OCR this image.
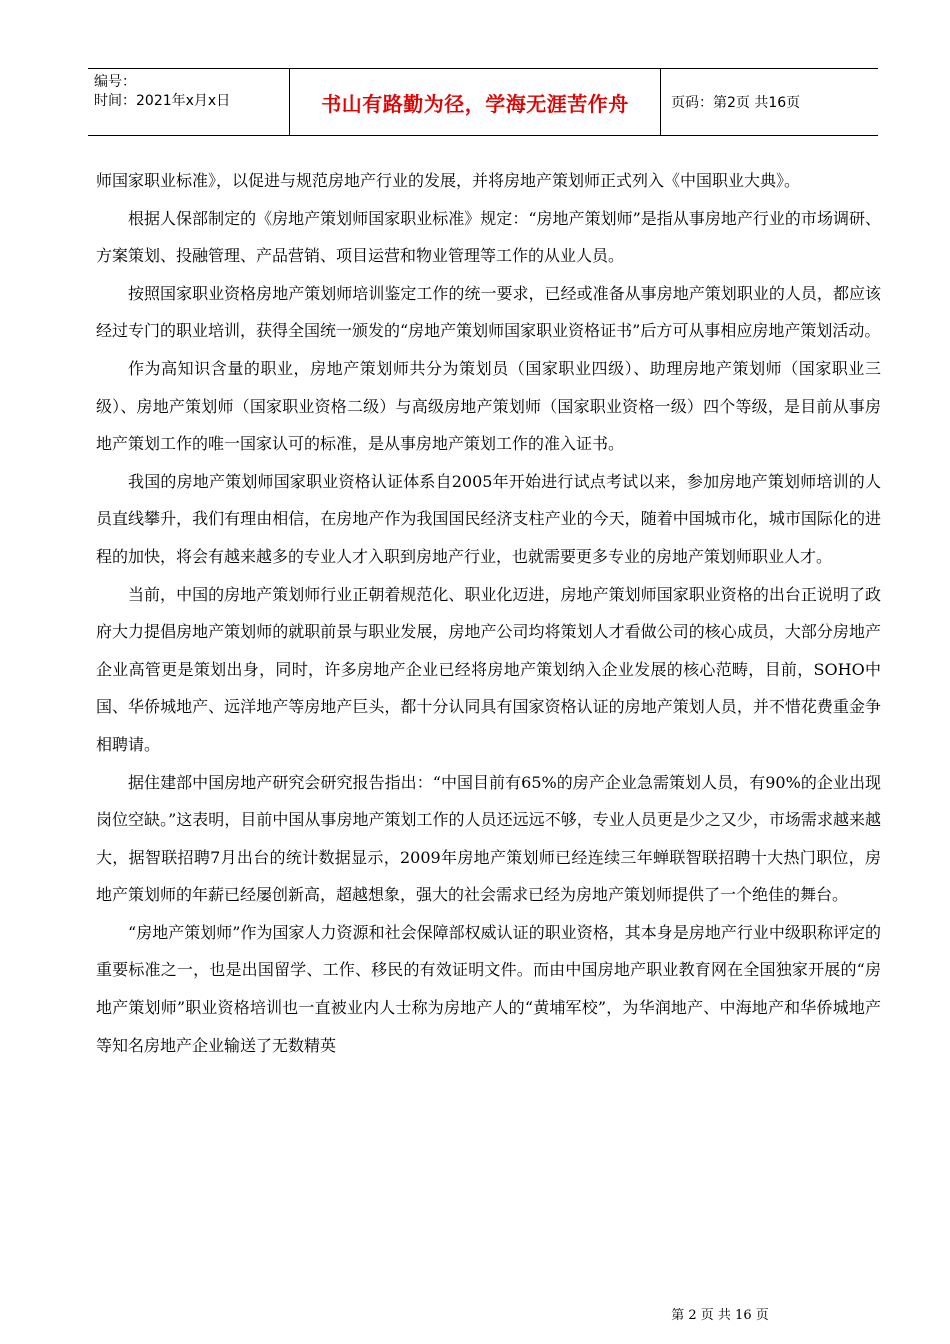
编号：
时间：2021年x月x日	书山有路勤为径，学海无涯苦作舟	页码：第2页 共16页

师国家职业标准》，以促进与规范房地产行业的发展，并将房地产策划师正式列入《中国职业大典》。

根据人保部制定的《房地产策划师国家职业标准》规定：“房地产策划师”是指从事房地产行业的市场调研、方案策划、投融管理、产品营销、项目运营和物业管理等工作的从业人员。

按照国家职业资格房地产策划师培训鉴定工作的统一要求，已经或准备从事房地产策划职业的人员，都应该经过专门的职业培训，获得全国统一颁发的“房地产策划师国家职业资格证书”后方可从事相应房地产策划活动。

作为高知识含量的职业，房地产策划师共分为策划员（国家职业四级）、助理房地产策划师（国家职业三级）、房地产策划师（国家职业资格二级）与高级房地产策划师（国家职业资格一级）四个等级，是目前从事房地产策划工作的唯一国家认可的标准，是从事房地产策划工作的准入证书。

我国的房地产策划师国家职业资格认证体系自2005年开始进行试点考试以来，参加房地产策划师培训的人员直线攀升，我们有理由相信，在房地产作为我国国民经济支柱产业的今天，随着中国城市化，城市国际化的进程的加快，将会有越来越多的专业人才入职到房地产行业，也就需要更多专业的房地产策划师职业人才。

当前，中国的房地产策划师行业正朝着规范化、职业化迈进，房地产策划师国家职业资格的出台正说明了政府大力提倡房地产策划师的就职前景与职业发展，房地产公司均将策划人才看做公司的核心成员，大部分房地产企业高管更是策划出身，同时，许多房地产企业已经将房地产策划纳入企业发展的核心范畴，目前，SOHO中国、华侨城地产、远洋地产等房地产巨头，都十分认同具有国家资格认证的房地产策划人员，并不惜花费重金争相聘请。

据住建部中国房地产研究会研究报告指出：“中国目前有65%的房产企业急需策划人员，有90%的企业出现岗位空缺。”这表明，目前中国从事房地产策划工作的人员还远远不够，专业人员更是少之又少，市场需求越来越大，据智联招聘7月出台的统计数据显示，2009年房地产策划师已经连续三年蝉联智联招聘十大热门职位，房地产策划师的年薪已经屡创新高，超越想象，强大的社会需求已经为房地产策划师提供了一个绝佳的舞台。

“房地产策划师”作为国家人力资源和社会保障部权威认证的职业资格，其本身是房地产行业中级职称评定的重要标准之一，也是出国留学、工作、移民的有效证明文件。而由中国房地产职业教育网在全国独家开展的“房地产策划师”职业资格培训也一直被业内人士称为房地产人的“黄埔军校”，为华润地产、中海地产和华侨城地产等知名房地产企业输送了无数精英

第 2 页 共 16 页
